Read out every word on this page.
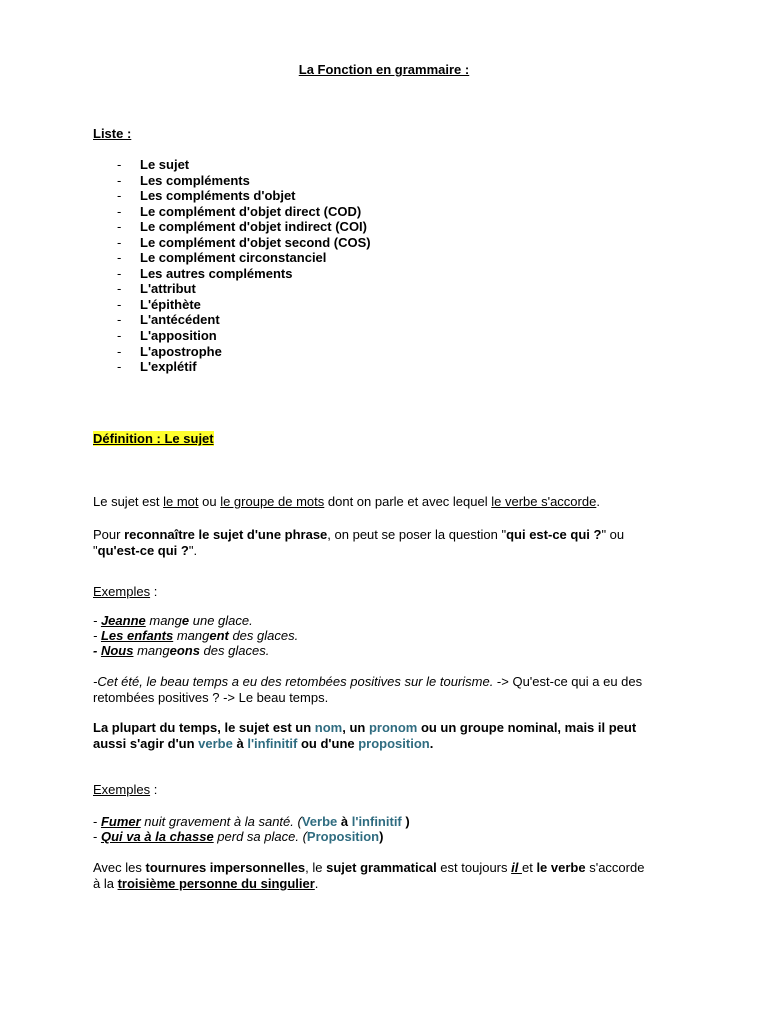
La Fonction en grammaire :
Liste :
- Le sujet
- Les compléments
- Les compléments d'objet
- Le complément d'objet direct (COD)
- Le complément d'objet indirect (COI)
- Le complément d'objet second (COS)
- Le complément circonstanciel
- Les autres compléments
- L'attribut
- L'épithète
- L'antécédent
- L'apposition
- L'apostrophe
- L'explétif
Définition : Le sujet
Le sujet est le mot ou le groupe de mots dont on parle et avec lequel le verbe s'accorde.
Pour reconnaître le sujet d'une phrase, on peut se poser la question "qui est-ce qui ?" ou
"qu'est-ce qui ?".
Exemples :
- Jeanne mange une glace.
- Les enfants mangent des glaces.
- Nous mangeons des glaces.
-Cet été, le beau temps a eu des retombées positives sur le tourisme. -> Qu'est-ce qui a eu des
retombées positives ? -> Le beau temps.
La plupart du temps, le sujet est un nom, un pronom ou un groupe nominal, mais il peut
aussi s'agir d'un verbe à l'infinitif ou d'une proposition.
Exemples :
- Fumer nuit gravement à la santé. (Verbe à l'infinitif )
- Qui va à la chasse perd sa place. (Proposition)
Avec les tournures impersonnelles, le sujet grammatical est toujours il et le verbe s'accorde
à la troisième personne du singulier.
